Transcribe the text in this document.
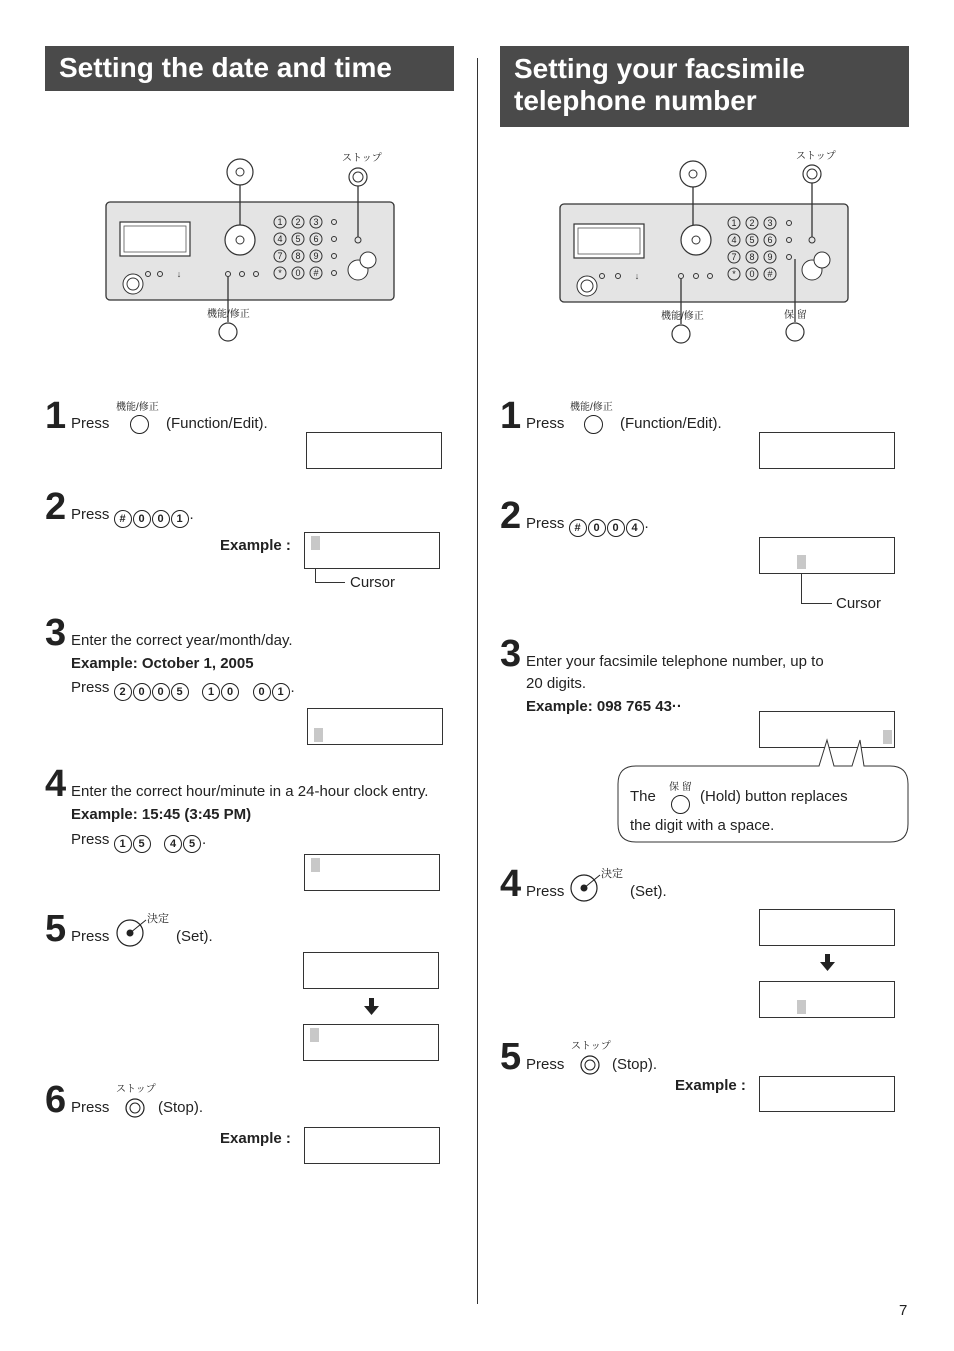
Setting the date and time
↓
1 2 3
4 5 6
7 8 9
* 0 #
ストップ
機能/修正
1 Press
機能/修正
(Function/Edit).
2 Press # 0 0 1 .
Example :
Cursor
3 Enter the correct year/month/day.
Example: October 1, 2005
Press 2 0 0 5 1 0 0 1 .
4 Enter the correct hour/minute in a 24-hour clock entry.
Example: 15:45 (3:45 PM)
Press 1 5 4 5 .
5 Press
決定
(Set).
6 Press
ストップ
(Stop).
Example :
Setting your facsimile
telephone number
↓
1 2 3
4 5 6
7 8 9
* 0 #
ストップ
機能/修正	保 留
1 Press
機能/修正
(Function/Edit).
2 Press # 0 0 4 .
Cursor
3 Enter your facsimile telephone number, up to
20 digits.
Example: 098 765 43··
The
保 留
(Hold) button replaces
the digit with a space.
4 Press
決定
(Set).
5 Press
ストップ
(Stop).
Example :
7
